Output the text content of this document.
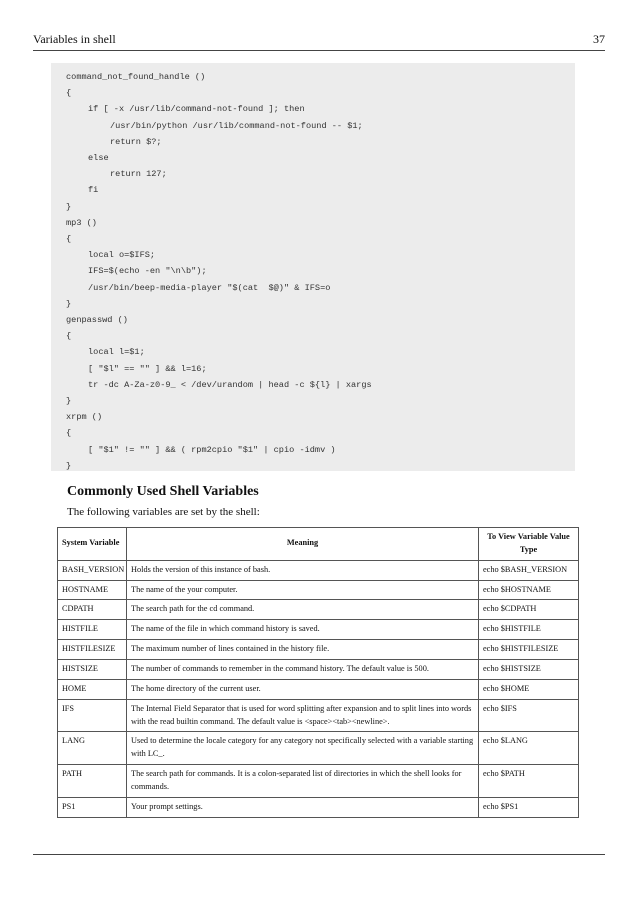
Variables in shell	37
command_not_found_handle ()
{
if [ -x /usr/lib/command-not-found ]; then
/usr/bin/python /usr/lib/command-not-found -- $1;
return $?;
else
return 127;
fi
}
mp3 ()
{
local o=$IFS;
IFS=$(echo -en "\n\b");
/usr/bin/beep-media-player "$(cat  $@)" & IFS=o
}
genpasswd ()
{
local l=$1;
[ "$l" == "" ] && l=16;
tr -dc A-Za-z0-9_ < /dev/urandom | head -c ${l} | xargs
}
xrpm ()
{
[ "$1" != "" ] && ( rpm2cpio "$1" | cpio -idmv )
}
Commonly Used Shell Variables
The following variables are set by the shell:
System Variable	Meaning	To View Variable Value Type
BASH_VERSION	Holds the version of this instance of bash.	echo $BASH_VERSION
HOSTNAME	The name of the your computer.	echo $HOSTNAME
CDPATH	The search path for the cd command.	echo $CDPATH
HISTFILE	The name of the file in which command history is saved.	echo $HISTFILE
HISTFILESIZE	The maximum number of lines contained in the history file.	echo $HISTFILESIZE
HISTSIZE	The number of commands to remember in the command history. The default value is 500.	echo $HISTSIZE
HOME	The home directory of the current user.	echo $HOME
IFS	The Internal Field Separator that is used for word splitting after expansion and to split lines into words with the read builtin command. The default value is <space><tab><newline>.	echo $IFS
LANG	Used to determine the locale category for any category not specifically selected with a variable starting with LC_.	echo $LANG
PATH	The search path for commands. It is a colon-separated list of directories in which the shell looks for commands.	echo $PATH
PS1	Your prompt settings.	echo $PS1
